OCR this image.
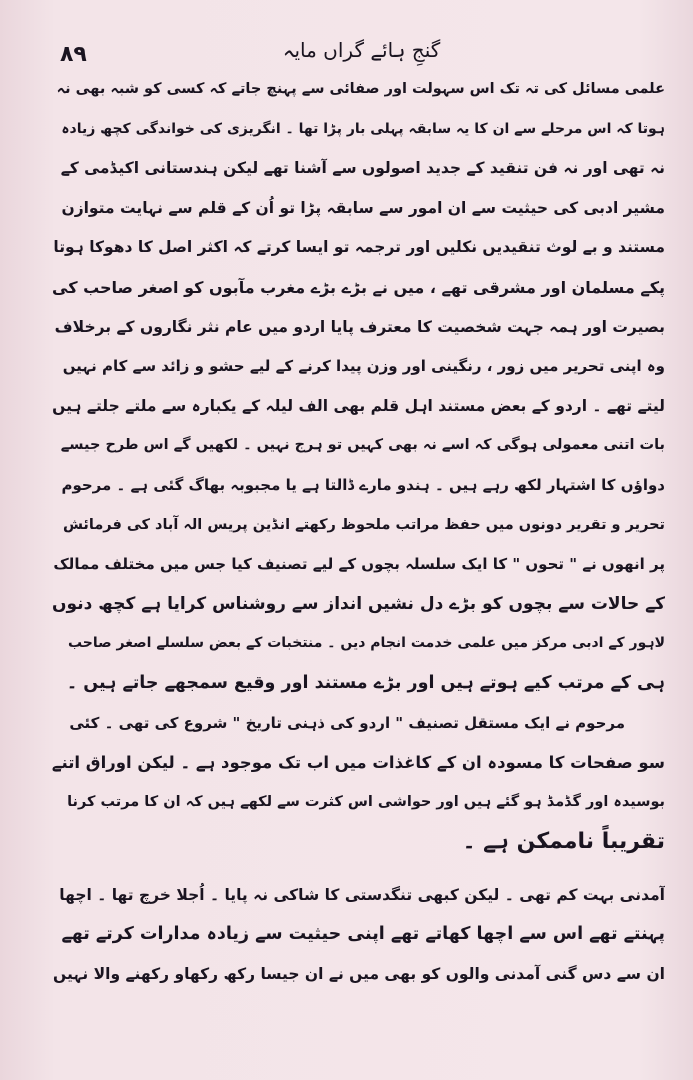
٨٩	گنجِ ہائے گراں مایہ
علمی مسائل کی تہ تک اس سہولت اور صفائی سے پہنچ جاتے کہ کسی کو شبہ بھی نہ
ہوتا کہ اس مرحلے سے ان کا یہ سابقہ پہلی بار پڑا تھا ۔ انگریزی کی خواندگی کچھ زیادہ
نہ تھی اور نہ فن تنقید کے جدید اصولوں سے آشنا تھے لیکن ہندستانی اکیڈمی کے
مشیر ادبی کی حیثیت سے ان امور سے سابقہ پڑا تو اُن کے قلم سے نہایت متوازن
مستند و بے لوث تنقیدیں نکلیں اور ترجمہ تو ایسا کرتے کہ اکثر اصل کا دھوکا ہوتا
پکے مسلمان اور مشرقی تھے ، میں نے بڑے بڑے مغرب مآبوں کو اصغر صاحب کی
بصیرت اور ہمہ جہت شخصیت کا معترف پایا اردو میں عام نثر نگاروں کے برخلاف
وہ اپنی تحریر میں زور ، رنگینی اور وزن پیدا کرنے کے لیے حشو و زائد سے کام نہیں
لیتے تھے ۔ اردو کے بعض مستند اہل قلم بھی الف لیلہ کے یکبارہ سے ملتے جلتے ہیں
بات اتنی معمولی ہوگی کہ اسے نہ بھی کہیں تو ہرج نہیں ۔ لکھیں گے اس طرح جیسے
دواؤں کا اشتہار لکھ رہے ہیں ۔ ہندو مارے ڈالتا ہے یا مجبوبہ بھاگ گئی ہے ۔ مرحوم
تحریر و تقریر دونوں میں حفظ مراتب ملحوظ رکھتے انڈین پریس الہ آباد کی فرمائش
پر انھوں نے " تحوں " کا ایک سلسلہ بچوں کے لیے تصنیف کیا جس میں مختلف ممالک
کے حالات سے بچوں کو بڑے دل نشیں انداز سے روشناس کرایا ہے کچھ دنوں
لاہور کے ادبی مرکز میں علمی خدمت انجام دیں ۔ منتخبات کے بعض سلسلے اصغر صاحب
ہی کے مرتب کیے ہوتے ہیں اور بڑے مستند اور وقیع سمجھے جاتے ہیں ۔
مرحوم نے ایک مستقل تصنیف " اردو کی ذہنی تاریخ " شروع کی تھی ۔ کئی
سو صفحات کا مسودہ ان کے کاغذات میں اب تک موجود ہے ۔ لیکن اوراق اتنے
بوسیدہ اور گڈمڈ ہو گئے ہیں اور حواشی اس کثرت سے لکھے ہیں کہ ان کا مرتب کرنا
تقریباً ناممکن ہے ۔
آمدنی بہت کم تھی ۔ لیکن کبھی تنگدستی کا شاکی نہ پایا ۔ اُجلا خرچ تھا ۔ اچھا
پہنتے تھے اس سے اچھا کھاتے تھے اپنی حیثیت سے زیادہ مدارات کرتے تھے
ان سے دس گنی آمدنی والوں کو بھی میں نے ان جیسا رکھ رکھاو رکھنے والا نہیں
